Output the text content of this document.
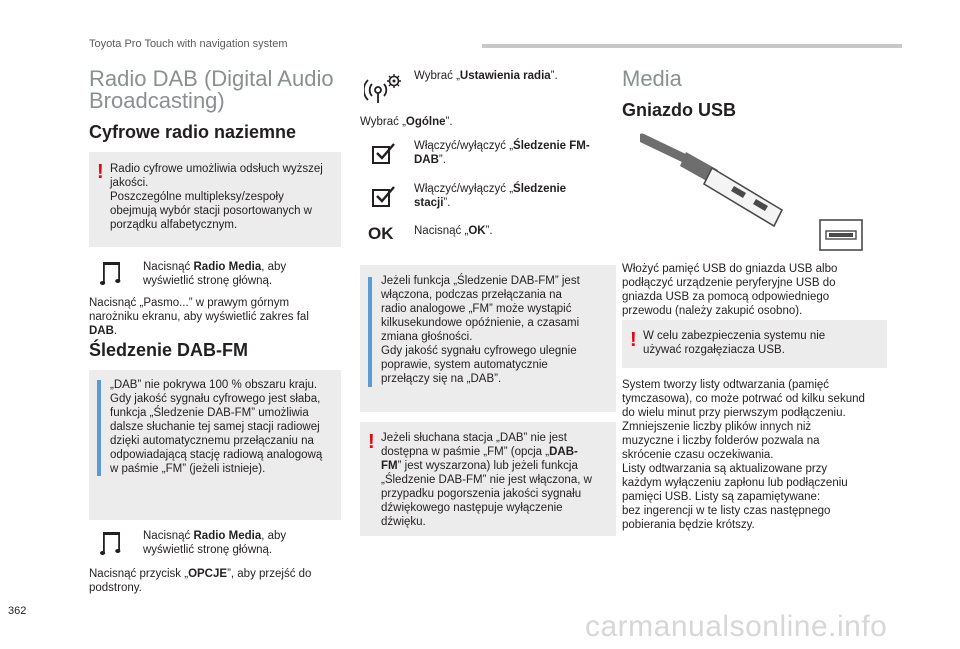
Toyota Pro Touch with navigation system
Radio DAB (Digital Audio
Broadcasting)
Cyfrowe radio naziemne
! Radio cyfrowe umożliwia odsłuch wyższej
jakości.
Poszczególne multipleksy/zespoły
obejmują wybór stacji posortowanych w
porządku alfabetycznym.
Nacisnąć Radio Media, aby
wyświetlić stronę główną.
Nacisnąć „Pasmo...” w prawym górnym
narożniku ekranu, aby wyświetlić zakres fal
DAB.
Śledzenie DAB-FM
„DAB” nie pokrywa 100 % obszaru kraju.
Gdy jakość sygnału cyfrowego jest słaba,
funkcja „Śledzenie DAB-FM” umożliwia
dalsze słuchanie tej samej stacji radiowej
dzięki automatycznemu przełączaniu na
odpowiadającą stację radiową analogową
w paśmie „FM” (jeżeli istnieje).
Nacisnąć Radio Media, aby
wyświetlić stronę główną.
Nacisnąć przycisk „OPCJE”, aby przejść do
podstrony.
Wybrać „Ustawienia radia”.
Wybrać „Ogólne”.
Włączyć/wyłączyć „Śledzenie FM-
DAB”.
Włączyć/wyłączyć „Śledzenie
stacji”.
OK Nacisnąć „OK”.
Jeżeli funkcja „Śledzenie DAB-FM” jest
włączona, podczas przełączania na
radio analogowe „FM” może wystąpić
kilkusekundowe opóźnienie, a czasami
zmiana głośności.
Gdy jakość sygnału cyfrowego ulegnie
poprawie, system automatycznie
przełączy się na „DAB”.
! Jeżeli słuchana stacja „DAB” nie jest
dostępna w paśmie „FM” (opcja „DAB-
FM” jest wyszarzona) lub jeżeli funkcja
„Śledzenie DAB-FM” nie jest włączona, w
przypadku pogorszenia jakości sygnału
dźwiękowego następuje wyłączenie
dźwięku.
Media
Gniazdo USB
Włożyć pamięć USB do gniazda USB albo
podłączyć urządzenie peryferyjne USB do
gniazda USB za pomocą odpowiedniego
przewodu (należy zakupić osobno).
! W celu zabezpieczenia systemu nie
używać rozgałęziacza USB.
System tworzy listy odtwarzania (pamięć
tymczasowa), co może potrwać od kilku sekund
do wielu minut przy pierwszym podłączeniu.
Zmniejszenie liczby plików innych niż
muzyczne i liczby folderów pozwala na
skrócenie czasu oczekiwania.
Listy odtwarzania są aktualizowane przy
każdym wyłączeniu zapłonu lub podłączeniu
pamięci USB. Listy są zapamiętywane:
bez ingerencji w te listy czas następnego
pobierania będzie krótszy.
362	carmanualsonline.info
